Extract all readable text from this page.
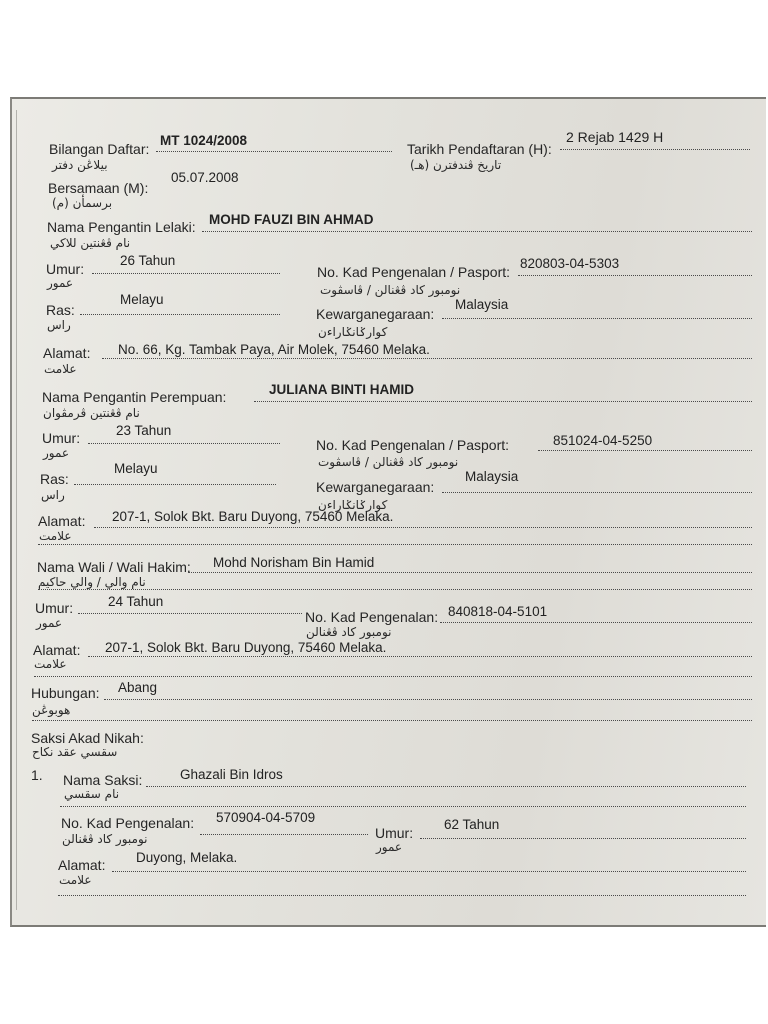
Bilangan Daftar:
بيلاڠن دفتر
MT 1024/2008
Tarikh Pendaftaran (H):
تاريخ ڤندفترن (هـ)
2 Rejab 1429 H
05.07.2008
Bersamaan (M):
برسمأن (م)
MOHD FAUZI BIN AHMAD
Nama Pengantin Lelaki:
نام ڤڠنتين للاكي
26 Tahun
Umur:
عمور
820803-04-5303
No. Kad Pengenalan / Pasport:
نومبور كاد ڤڠنالن / ڤاسڤوت
Melayu
Ras:
راس
Malaysia
Kewarganegaraan:
كوارݢانݢاراءن
No. 66, Kg. Tambak Paya, Air Molek, 75460 Melaka.
Alamat:
علامت
JULIANA BINTI HAMID
Nama Pengantin Perempuan:
نام ڤڠنتين ڤرمڤوان
23 Tahun
Umur:
عمور
851024-04-5250
No. Kad Pengenalan / Pasport:
نومبور كاد ڤڠنالن / ڤاسڤوت
Melayu
Ras:
راس
Malaysia
Kewarganegaraan:
كوارݢانݢاراءن
207-1, Solok Bkt. Baru Duyong, 75460 Melaka.
Alamat:
علامت
Mohd Norisham Bin Hamid
Nama Wali / Wali Hakim:
نام والي / والي حاكيم
24 Tahun
Umur:
عمور
840818-04-5101
No. Kad Pengenalan:
نومبور كاد ڤڠنالن
207-1, Solok Bkt. Baru Duyong, 75460 Melaka.
Alamat:
علامت
Abang
Hubungan:
هوبوڠن
Saksi Akad Nikah:
سقسي عقد نكاح
1.	Ghazali Bin Idros
Nama Saksi:
نام سقسي
570904-04-5709
No. Kad Pengenalan:
نومبور كاد ڤڠنالن
62 Tahun
Umur:
عمور
Duyong, Melaka.
Alamat:
علامت
